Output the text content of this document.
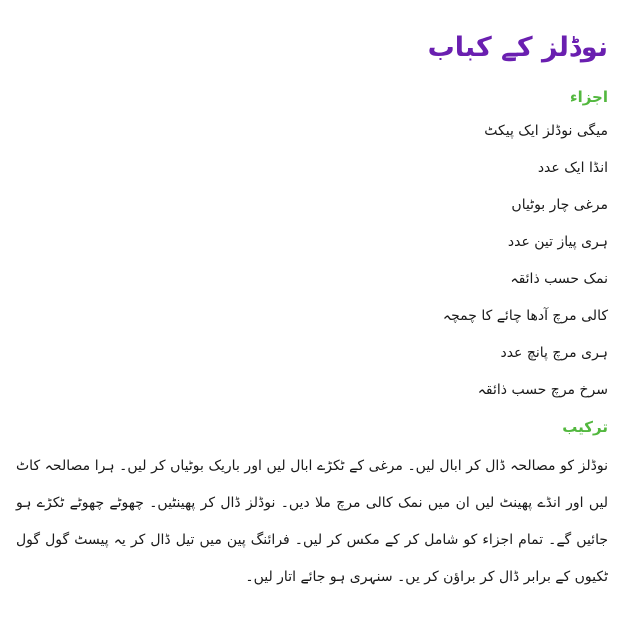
نوڈلز کے کباب
اجزاء
میگی نوڈلز ایک پیکٹ
انڈا ایک عدد
مرغی چار بوٹیاں
ہری پیاز تین عدد
نمک حسب ذائقہ
کالی مرچ آدھا چائے کا چمچہ
ہری مرچ پانچ عدد
سرخ مرچ حسب ذائقہ
ترکیب

نوڈلز کو مصالحہ ڈال کر ابال لیں۔ مرغی کے ٹکڑے ابال لیں اور باریک بوٹیاں کر لیں۔ ہرا مصالحہ کاٹ لیں اور انڈے پھینٹ لیں ان میں نمک کالی مرچ ملا دیں۔ نوڈلز ڈال کر پھینٹیں۔ چھوٹے چھوٹے ٹکڑے ہو جائیں گے۔ تمام اجزاء کو شامل کر کے مکس کر لیں۔ فرائنگ پین میں تیل ڈال کر یہ پیسٹ گول گول ٹکیوں کے برابر ڈال کر براؤن کر یں۔ سنہری ہو جائے اتار لیں۔
